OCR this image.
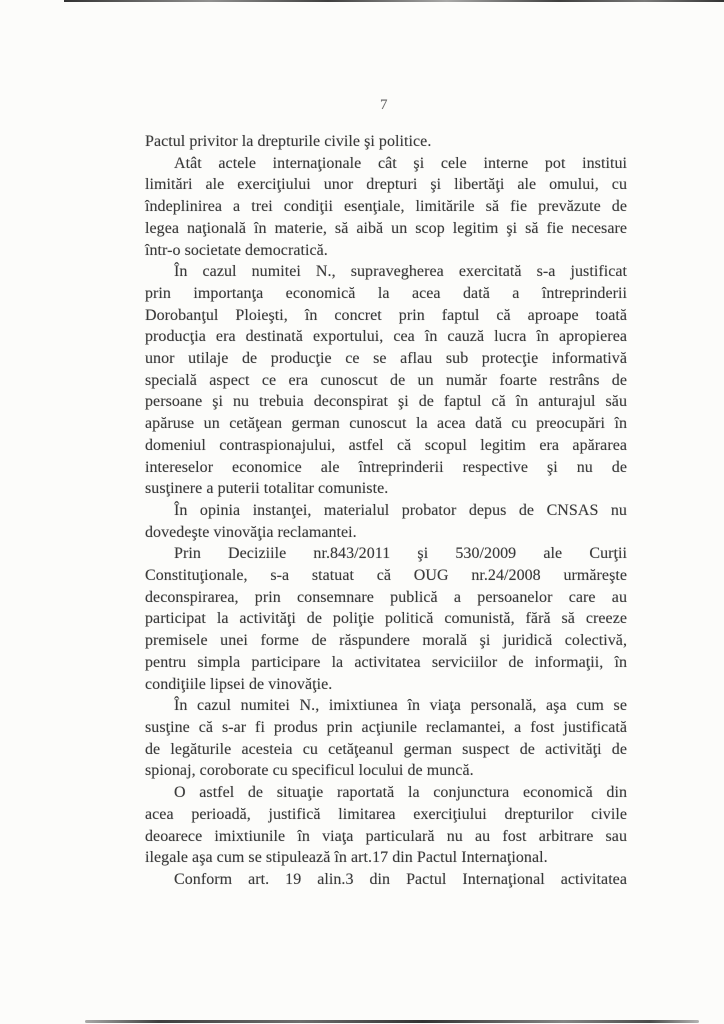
7
Pactul privitor la drepturile civile şi politice.
Atât actele internaţionale cât şi cele interne pot institui
limitări ale exerciţiului unor drepturi şi libertăţi ale omului, cu
îndeplinirea a trei condiţii esenţiale, limitările să fie prevăzute de
legea naţională în materie, să aibă un scop legitim şi să fie necesare
într-o societate democratică.
În cazul numitei N., supravegherea exercitată s-a justificat
prin importanţa economică la acea dată a întreprinderii
Dorobanţul Ploieşti, în concret prin faptul că aproape toată
producţia era destinată exportului, cea în cauză lucra în apropierea
unor utilaje de producţie ce se aflau sub protecţie informativă
specială aspect ce era cunoscut de un număr foarte restrâns de
persoane şi nu trebuia deconspirat şi de faptul că în anturajul său
apăruse un cetăţean german cunoscut la acea dată cu preocupări în
domeniul contraspionajului, astfel că scopul legitim era apărarea
intereselor economice ale întreprinderii respective şi nu de
susţinere a puterii totalitar comuniste.
În opinia instanţei, materialul probator depus de CNSAS nu
dovedeşte vinovăţia reclamantei.
Prin Deciziile nr.843/2011 şi 530/2009 ale Curţii
Constituţionale, s-a statuat că OUG nr.24/2008 urmăreşte
deconspirarea, prin consemnare publică a persoanelor care au
participat la activităţi de poliţie politică comunistă, fără să creeze
premisele unei forme de răspundere morală şi juridică colectivă,
pentru simpla participare la activitatea serviciilor de informaţii, în
condiţiile lipsei de vinovăţie.
În cazul numitei N., imixtiunea în viaţa personală, aşa cum se
susţine că s-ar fi produs prin acţiunile reclamantei, a fost justificată
de legăturile acesteia cu cetăţeanul german suspect de activităţi de
spionaj, coroborate cu specificul locului de muncă.
O astfel de situaţie raportată la conjunctura economică din
acea perioadă, justifică limitarea exerciţiului drepturilor civile
deoarece imixtiunile în viaţa particulară nu au fost arbitrare sau
ilegale aşa cum se stipulează în art.17 din Pactul Internaţional.
Conform art. 19 alin.3 din Pactul Internaţional activitatea
